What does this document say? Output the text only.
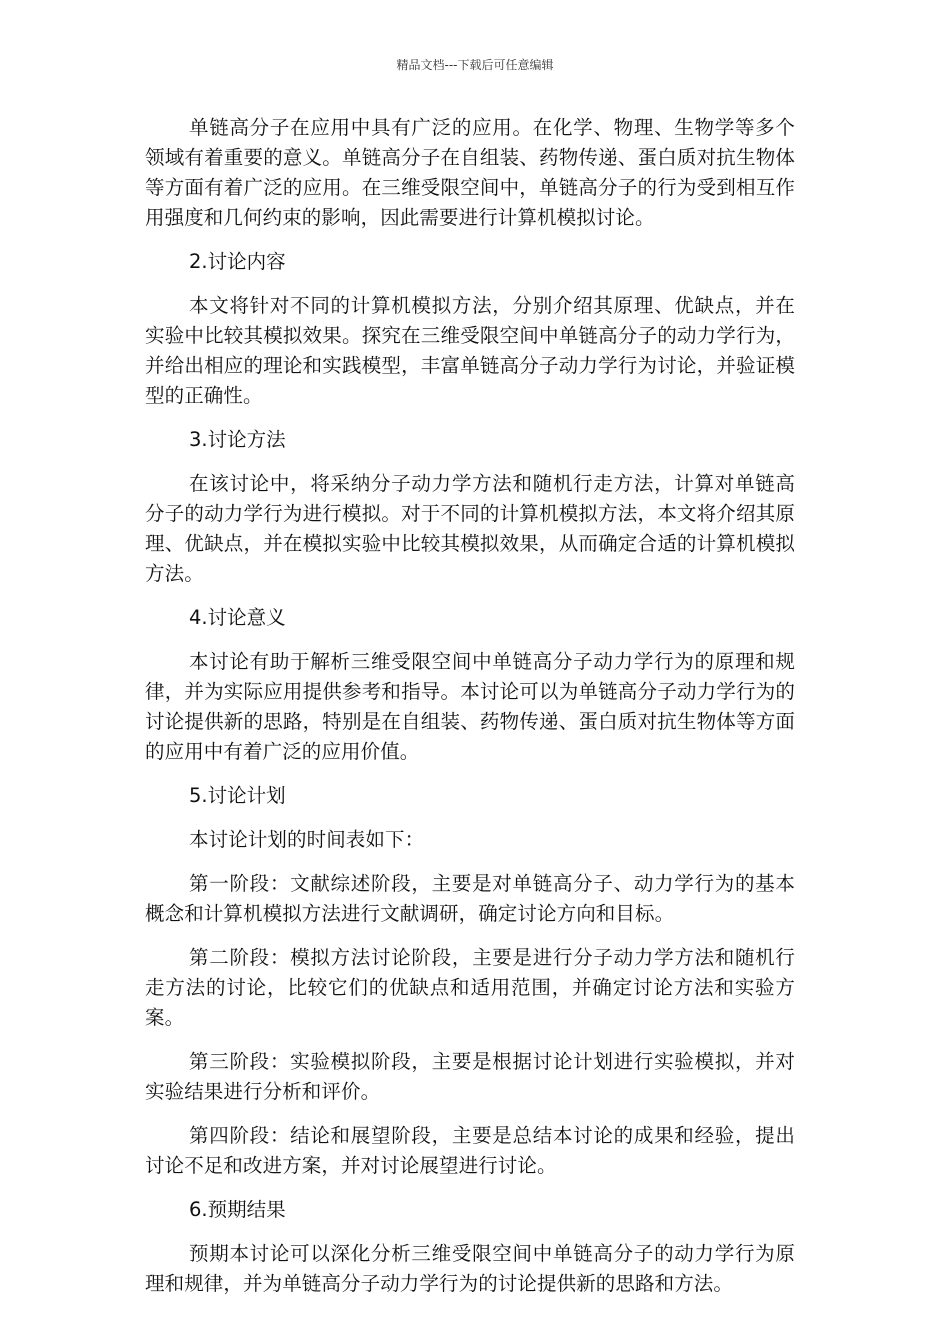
精品文档---下载后可任意编辑

单链高分子在应用中具有广泛的应用。在化学、物理、生物学等多个领域有着重要的意义。单链高分子在自组装、药物传递、蛋白质对抗生物体等方面有着广泛的应用。在三维受限空间中，单链高分子的行为受到相互作用强度和几何约束的影响，因此需要进行计算机模拟讨论。

2.讨论内容

本文将针对不同的计算机模拟方法，分别介绍其原理、优缺点，并在实验中比较其模拟效果。探究在三维受限空间中单链高分子的动力学行为，并给出相应的理论和实践模型，丰富单链高分子动力学行为讨论，并验证模型的正确性。

3.讨论方法

在该讨论中，将采纳分子动力学方法和随机行走方法，计算对单链高分子的动力学行为进行模拟。对于不同的计算机模拟方法，本文将介绍其原理、优缺点，并在模拟实验中比较其模拟效果，从而确定合适的计算机模拟方法。

4.讨论意义

本讨论有助于解析三维受限空间中单链高分子动力学行为的原理和规律，并为实际应用提供参考和指导。本讨论可以为单链高分子动力学行为的讨论提供新的思路，特别是在自组装、药物传递、蛋白质对抗生物体等方面的应用中有着广泛的应用价值。

5.讨论计划

本讨论计划的时间表如下：

第一阶段：文献综述阶段，主要是对单链高分子、动力学行为的基本概念和计算机模拟方法进行文献调研，确定讨论方向和目标。

第二阶段：模拟方法讨论阶段，主要是进行分子动力学方法和随机行走方法的讨论，比较它们的优缺点和适用范围，并确定讨论方法和实验方案。

第三阶段：实验模拟阶段，主要是根据讨论计划进行实验模拟，并对实验结果进行分析和评价。

第四阶段：结论和展望阶段，主要是总结本讨论的成果和经验，提出讨论不足和改进方案，并对讨论展望进行讨论。

6.预期结果

预期本讨论可以深化分析三维受限空间中单链高分子的动力学行为原理和规律，并为单链高分子动力学行为的讨论提供新的思路和方法。
